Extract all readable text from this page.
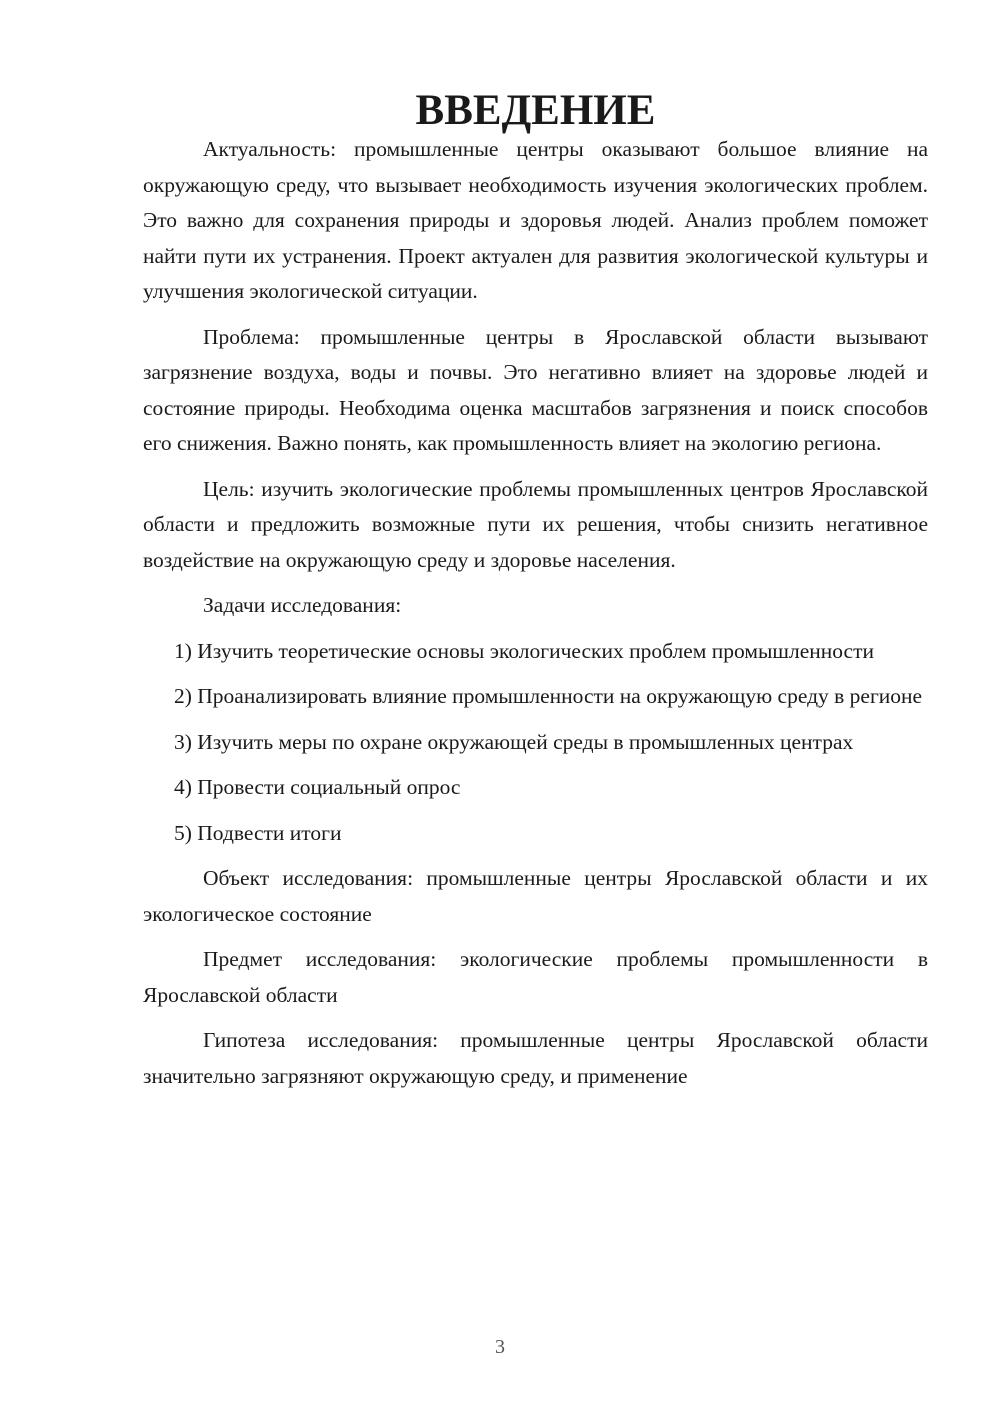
ВВЕДЕНИЕ

Актуальность: промышленные центры оказывают большое влияние на окружающую среду, что вызывает необходимость изучения экологических проблем. Это важно для сохранения природы и здоровья людей. Анализ проблем поможет найти пути их устранения. Проект актуален для развития экологической культуры и улучшения экологической ситуации.

Проблема: промышленные центры в Ярославской области вызывают загрязнение воздуха, воды и почвы. Это негативно влияет на здоровье людей и состояние природы. Необходима оценка масштабов загрязнения и поиск способов его снижения. Важно понять, как промышленность влияет на экологию региона.

Цель: изучить экологические проблемы промышленных центров Ярославской области и предложить возможные пути их решения, чтобы снизить негативное воздействие на окружающую среду и здоровье населения.

Задачи исследования:

1) Изучить теоретические основы экологических проблем промышленности

2) Проанализировать влияние промышленности на окружающую среду в регионе

3) Изучить меры по охране окружающей среды в промышленных центрах

4) Провести социальный опрос

5) Подвести итоги

Объект исследования: промышленные центры Ярославской области и их экологическое состояние

Предмет исследования: экологические проблемы промышленности в Ярославской области

Гипотеза исследования: промышленные центры Ярославской области значительно загрязняют окружающую среду, и применение

3
